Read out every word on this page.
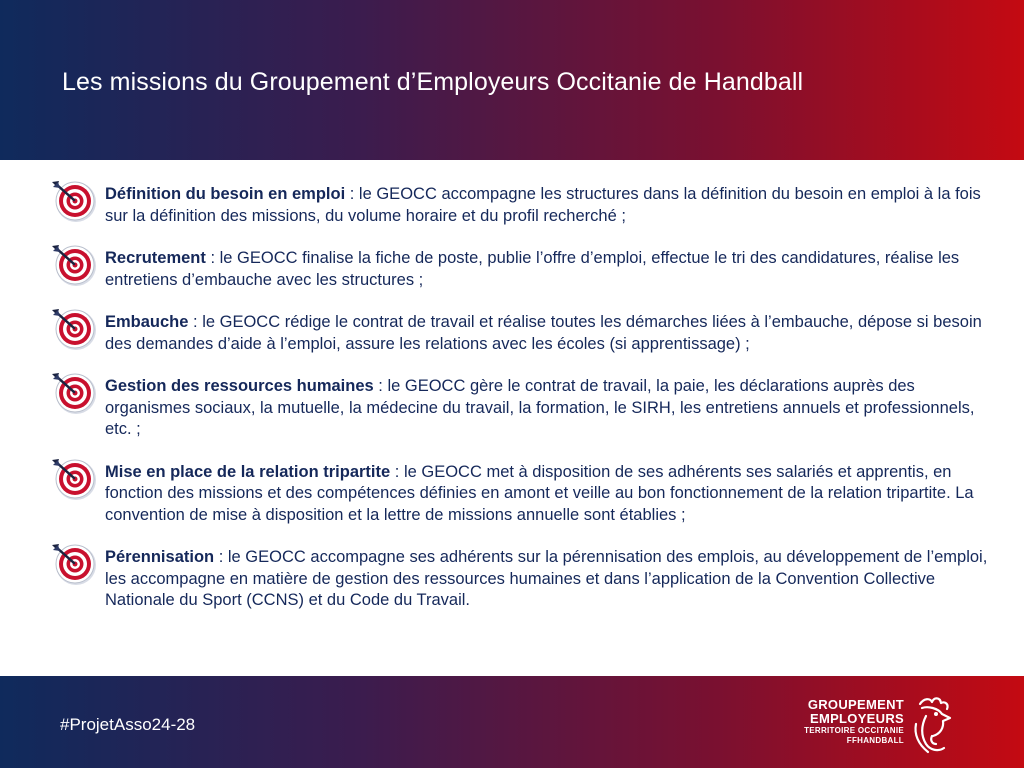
Les missions du Groupement d’Employeurs Occitanie de Handball
Définition du besoin en emploi : le GEOCC accompagne les structures dans la définition du besoin en emploi à la fois sur la définition des missions, du volume horaire et du profil recherché ;
Recrutement : le GEOCC finalise la fiche de poste, publie l’offre d’emploi, effectue le tri des candidatures, réalise les entretiens d’embauche avec les structures ;
Embauche : le GEOCC rédige le contrat de travail et réalise toutes les démarches liées à l’embauche, dépose si besoin des demandes d’aide à l’emploi, assure les relations avec les écoles (si apprentissage) ;
Gestion des ressources humaines : le GEOCC gère le contrat de travail, la paie, les déclarations auprès des organismes sociaux, la mutuelle, la médecine du travail, la formation, le SIRH, les entretiens annuels et professionnels, etc. ;
Mise en place de la relation tripartite : le GEOCC met à disposition de ses adhérents ses salariés et apprentis, en fonction des missions et des compétences définies en amont et veille au bon fonctionnement de la relation tripartite. La convention de mise à disposition et la lettre de missions annuelle sont établies ;
Pérennisation : le GEOCC accompagne ses adhérents sur la pérennisation des emplois, au développement de l’emploi, les accompagne en matière de gestion des ressources humaines et dans l’application de la Convention Collective Nationale du Sport (CCNS) et du Code du Travail.
#ProjetAsso24-28
GROUPEMENT
EMPLOYEURS
TERRITOIRE OCCITANIE
FFHANDBALL
